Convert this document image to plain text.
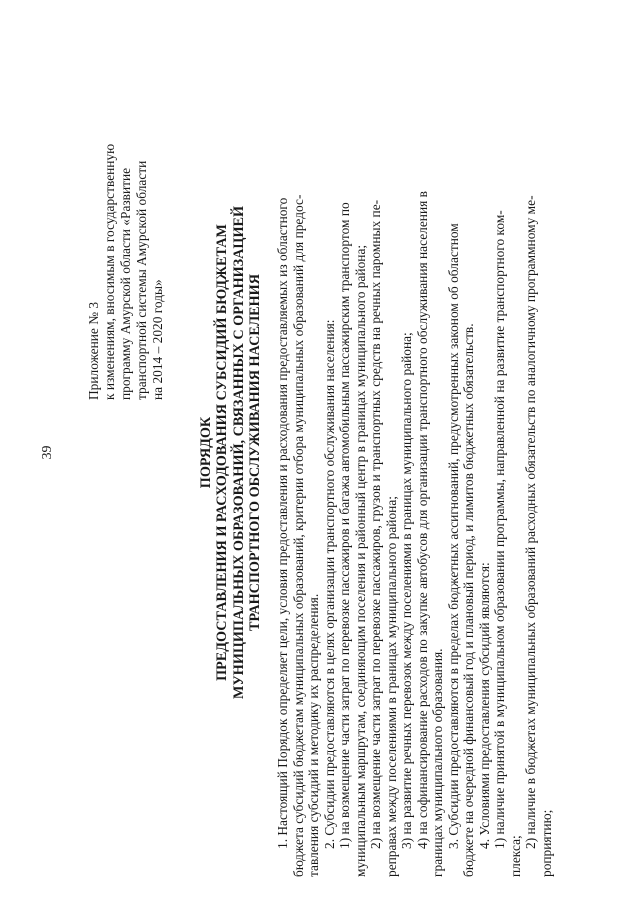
39
Приложение № 3 к изменениям, вносимым в государственную программу Амурской области «Развитие транспортной системы Амурской области на 2014 – 2020 годы»
ПОРЯДОК ПРЕДОСТАВЛЕНИЯ И РАСХОДОВАНИЯ СУБСИДИЙ БЮДЖЕТАМ МУНИЦИПАЛЬНЫХ ОБРАЗОВАНИЙ, СВЯЗАННЫХ С ОРГАНИЗАЦИЕЙ ТРАНСПОРТНОГО ОБСЛУЖИВАНИЯ НАСЕЛЕНИЯ 1. Настоящий Порядок определяет цели, условия предоставления и расходования предоставляемых из областного бюджета субсидий бюджетам муниципальных образований, критерии отбора муниципальных образований для предос- тавления субсидий и методику их распределения. 2. Субсидии предоставляются в целях организации транспортного обслуживания населения: 1) на возмещение части затрат по перевозке пассажиров и багажа автомобильным пассажирским транспортом по муниципальным маршрутам, соединяющим поселения и районный центр в границах муниципального района; 2) на возмещение части затрат по перевозке пассажиров, грузов и транспортных средств на речных паромных пе- реправах между поселениями в границах муниципального района; 3) на развитие речных перевозок между поселениями в границах муниципального района; 4) на софинансирование расходов по закупке автобусов для организации транспортного обслуживания населения в границах муниципального образования. 3. Субсидии предоставляются в пределах бюджетных ассигнований, предусмотренных законом об областном бюджете на очередной финансовый год и плановый период, и лимитов бюджетных обязательств. 4. Условиями предоставления субсидий являются: 1) наличие принятой в муниципальном образовании программы, направленной на развитие транспортного ком-
плекса;
2) наличие в бюджетах муниципальных образований расходных обязательств по аналогичному программному ме- роприятию;
